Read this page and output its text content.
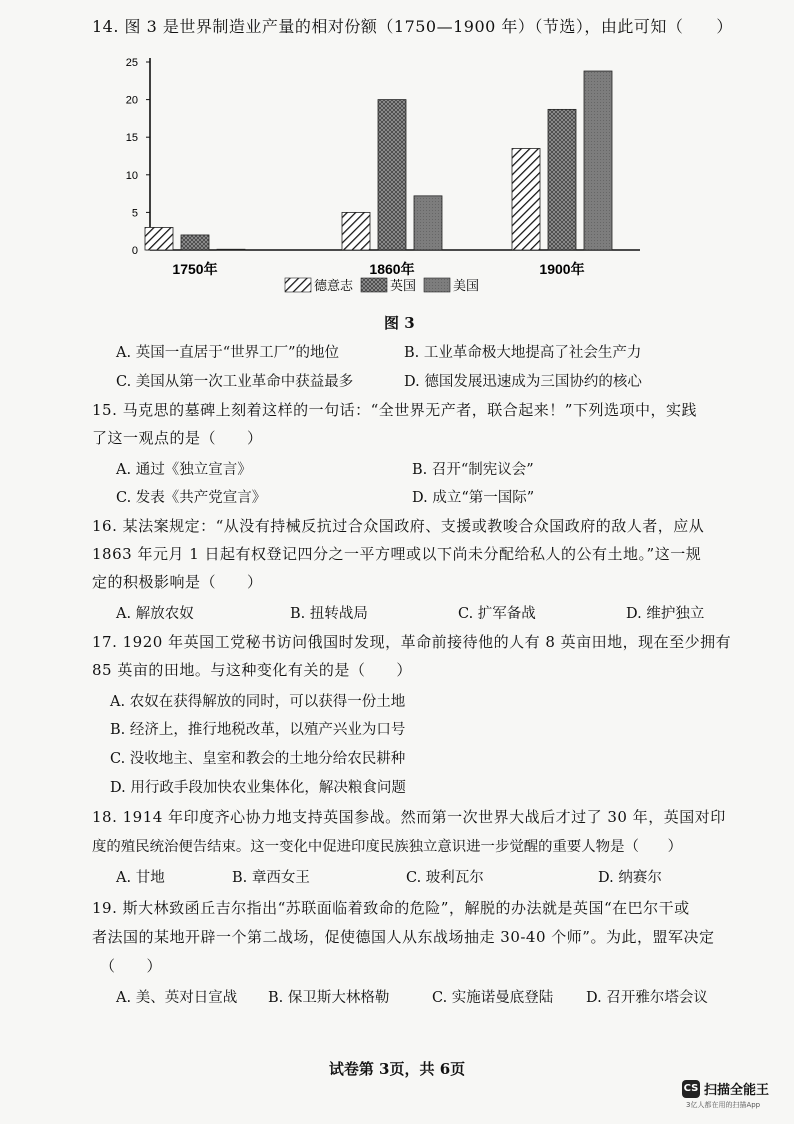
14. 图 3 是世界制造业产量的相对份额（1750—1900 年）（节选），由此可知（　　）
0
5
10
15
20
25
1750年	1860年	1900年
德意志	英国	美国
图 3
A. 英国一直居于“世界工厂”的地位	B. 工业革命极大地提高了社会生产力
C. 美国从第一次工业革命中获益最多	D. 德国发展迅速成为三国协约的核心
15. 马克思的墓碑上刻着这样的一句话：“全世界无产者，联合起来！”下列选项中，实践
了这一观点的是（　　）
A. 通过《独立宣言》	B. 召开“制宪议会”
C. 发表《共产党宣言》	D. 成立“第一国际”
16. 某法案规定：“从没有持械反抗过合众国政府、支援或教唆合众国政府的敌人者，应从
1863 年元月 1 日起有权登记四分之一平方哩或以下尚未分配给私人的公有土地。”这一规
定的积极影响是（　　）
A. 解放农奴	B. 扭转战局	C. 扩军备战	D. 维护独立
17. 1920 年英国工党秘书访问俄国时发现，革命前接待他的人有 8 英亩田地，现在至少拥有
85 英亩的田地。与这种变化有关的是（　　）
A. 农奴在获得解放的同时，可以获得一份土地
B. 经济上，推行地税改革，以殖产兴业为口号
C. 没收地主、皇室和教会的土地分给农民耕种
D. 用行政手段加快农业集体化，解决粮食问题
18. 1914 年印度齐心协力地支持英国参战。然而第一次世界大战后才过了 30 年，英国对印
度的殖民统治便告结束。这一变化中促进印度民族独立意识进一步觉醒的重要人物是（　　）
A. 甘地	B. 章西女王	C. 玻利瓦尔	D. 纳赛尔
19. 斯大林致函丘吉尔指出“苏联面临着致命的危险”，解脱的办法就是英国“在巴尔干或
者法国的某地开辟一个第二战场，促使德国人从东战场抽走 30-40 个师”。为此，盟军决定
（　　）
A. 美、英对日宣战 B. 保卫斯大林格勒	C. 实施诺曼底登陆 D. 召开雅尔塔会议
试卷第 3页，共 6页
CS 扫描全能王
3亿人都在用的扫描App
